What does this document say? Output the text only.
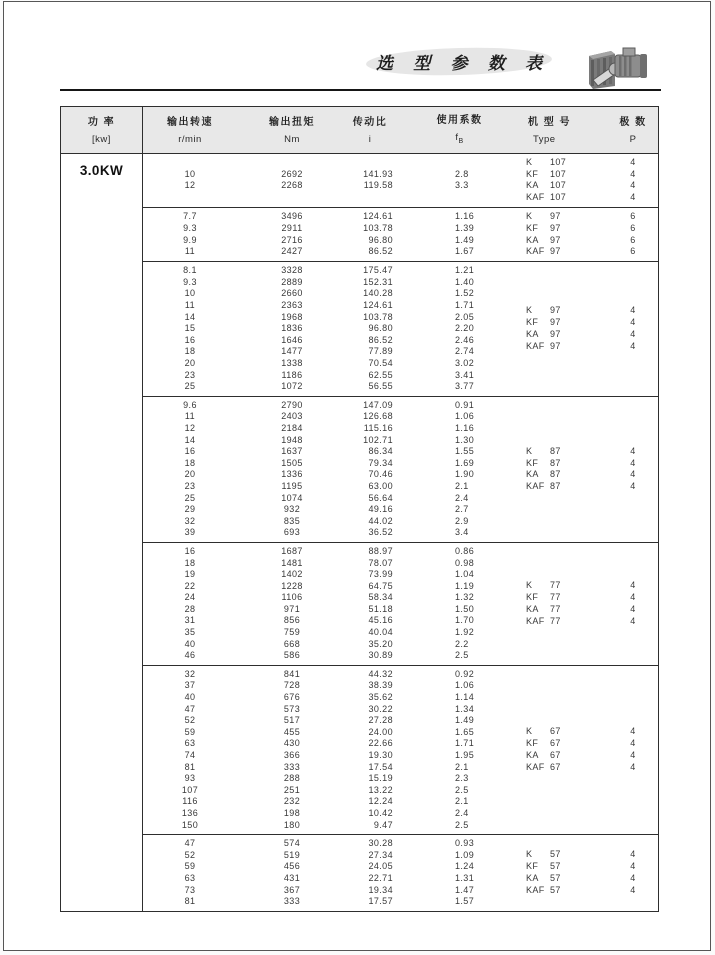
选 型 参 数 表
功 率
[kw]
输出转速
r/min
输出扭矩
Nm
传动比
i
使用系数
$f_B$
机 型 号
Type
极 数
P
3.0KW	10	2692	141.93	2.8
12	2268	119.58	3.3
K 107	4
KF 107	4
KA 107	4
KAF 107	4
7.7	3496	124.61	1.16
9.3	2911	103.78	1.39
9.9	2716	96.80	1.49
11	2427	86.52	1.67
K 97	6
KF 97	6
KA 97	6
KAF 97	6
8.1	3328	175.47	1.21
9.3	2889	152.31	1.40
10	2660	140.28	1.52
11	2363	124.61	1.71
14	1968	103.78	2.05
15	1836	96.80	2.20
16	1646	86.52	2.46
18	1477	77.89	2.74
20	1338	70.54	3.02
23	1186	62.55	3.41
25	1072	56.55	3.77
K 97	4
KF 97	4
KA 97	4
KAF 97	4
9.6	2790	147.09	0.91
11	2403	126.68	1.06
12	2184	115.16	1.16
14	1948	102.71	1.30
16	1637	86.34	1.55
18	1505	79.34	1.69
20	1336	70.46	1.90
23	1195	63.00	2.1
25	1074	56.64	2.4
29	932	49.16	2.7
32	835	44.02	2.9
39	693	36.52	3.4
K 87	4
KF 87	4
KA 87	4
KAF 87	4
16	1687	88.97	0.86
18	1481	78.07	0.98
19	1402	73.99	1.04
22	1228	64.75	1.19
24	1106	58.34	1.32
28	971	51.18	1.50
31	856	45.16	1.70
35	759	40.04	1.92
40	668	35.20	2.2
46	586	30.89	2.5
K 77	4
KF 77	4
KA 77	4
KAF 77	4
32	841	44.32	0.92
37	728	38.39	1.06
40	676	35.62	1.14
47	573	30.22	1.34
52	517	27.28	1.49
59	455	24.00	1.65
63	430	22.66	1.71
74	366	19.30	1.95
81	333	17.54	2.1
93	288	15.19	2.3
107	251	13.22	2.5
116	232	12.24	2.1
136	198	10.42	2.4
150	180	9.47	2.5
K 67	4
KF 67	4
KA 67	4
KAF 67	4
47	574	30.28	0.93
52	519	27.34	1.09
59	456	24.05	1.24
63	431	22.71	1.31
73	367	19.34	1.47
81	333	17.57	1.57
K 57	4
KF 57	4
KA 57	4
KAF 57	4
